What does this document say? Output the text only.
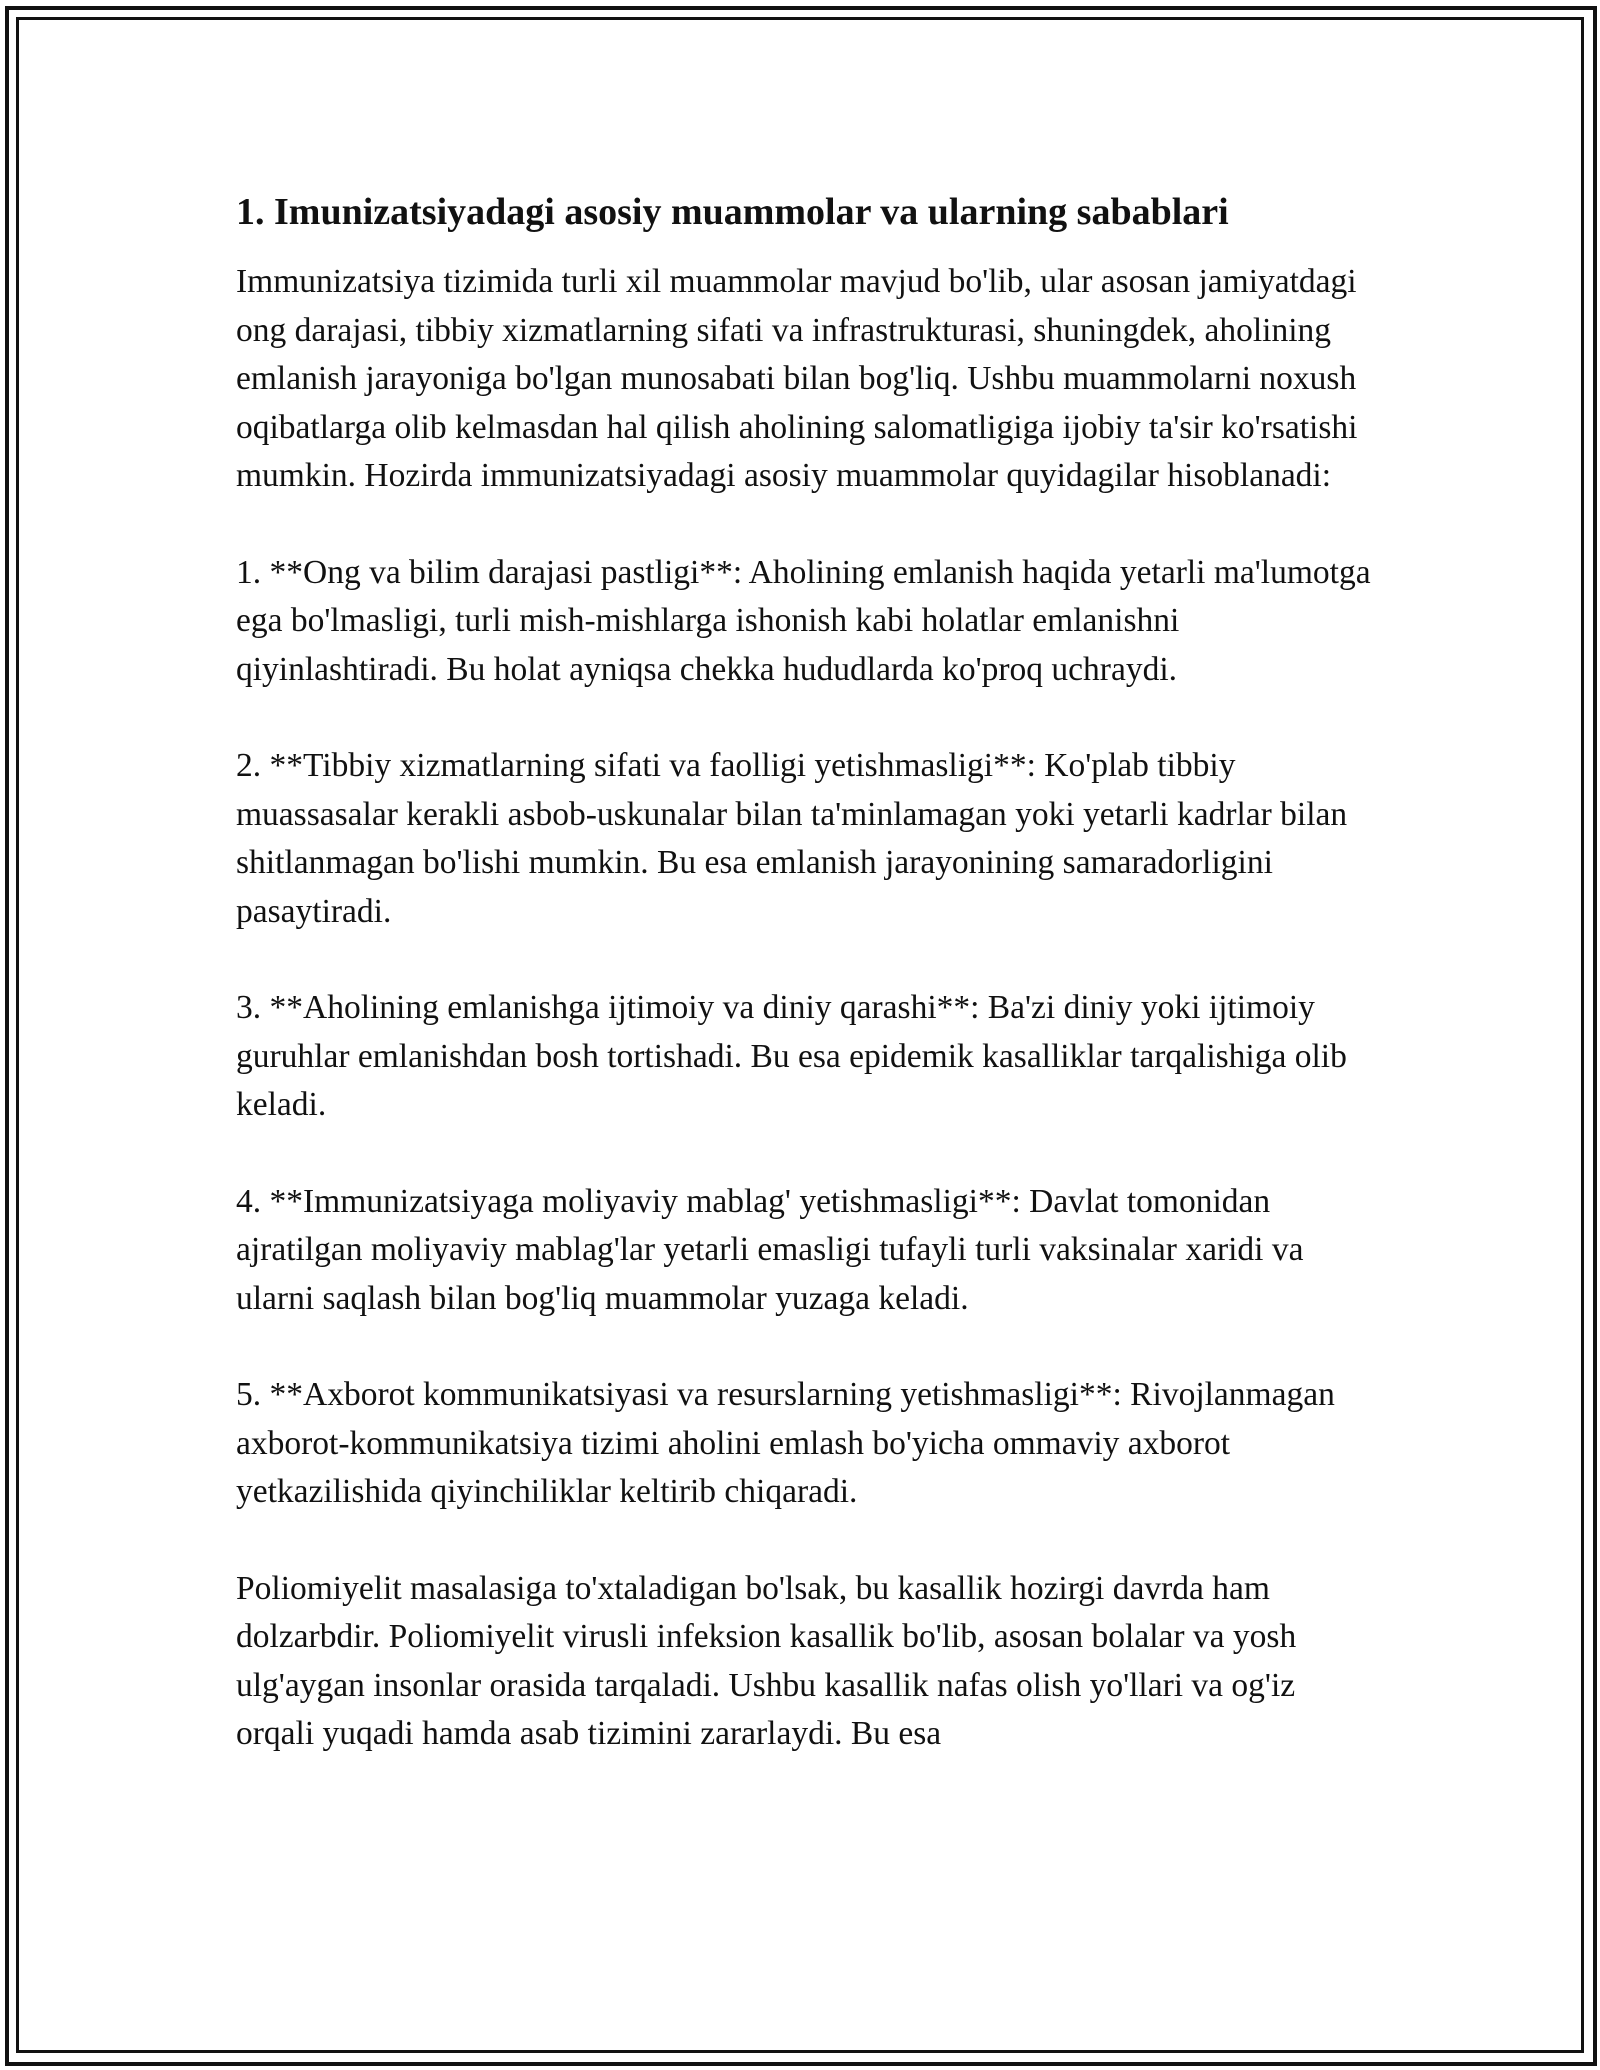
1. Imunizatsiyadagi asosiy muammolar va ularning sabablari

Immunizatsiya tizimida turli xil muammolar mavjud bo'lib, ular asosan jamiyatdagi ong darajasi, tibbiy xizmatlarning sifati va infrastrukturasi, shuningdek, aholining emlanish jarayoniga bo'lgan munosabati bilan bog'liq. Ushbu muammolarni noxush oqibatlarga olib kelmasdan hal qilish aholining salomatligiga ijobiy ta'sir ko'rsatishi mumkin. Hozirda immunizatsiyadagi asosiy muammolar quyidagilar hisoblanadi:

1. **Ong va bilim darajasi pastligi**: Aholining emlanish haqida yetarli ma'lumotga ega bo'lmasligi, turli mish-mishlarga ishonish kabi holatlar emlanishni qiyinlashtiradi. Bu holat ayniqsa chekka hududlarda ko'proq uchraydi.

2. **Tibbiy xizmatlarning sifati va faolligi yetishmasligi**: Ko'plab tibbiy muassasalar kerakli asbob-uskunalar bilan ta'minlamagan yoki yetarli kadrlar bilan shitlanmagan bo'lishi mumkin. Bu esa emlanish jarayonining samaradorligini pasaytiradi.

3. **Aholining emlanishga ijtimoiy va diniy qarashi**: Ba'zi diniy yoki ijtimoiy guruhlar emlanishdan bosh tortishadi. Bu esa epidemik kasalliklar tarqalishiga olib keladi.

4. **Immunizatsiyaga moliyaviy mablag' yetishmasligi**: Davlat tomonidan ajratilgan moliyaviy mablag'lar yetarli emasligi tufayli turli vaksinalar xaridi va ularni saqlash bilan bog'liq muammolar yuzaga keladi.

5. **Axborot kommunikatsiyasi va resurslarning yetishmasligi**: Rivojlanmagan axborot-kommunikatsiya tizimi aholini emlash bo'yicha ommaviy axborot yetkazilishida qiyinchiliklar keltirib chiqaradi.

Poliomiyelit masalasiga to'xtaladigan bo'lsak, bu kasallik hozirgi davrda ham dolzarbdir. Poliomiyelit virusli infeksion kasallik bo'lib, asosan bolalar va yosh ulg'aygan insonlar orasida tarqaladi. Ushbu kasallik nafas olish yo'llari va og'iz orqali yuqadi hamda asab tizimini zararlaydi. Bu esa
